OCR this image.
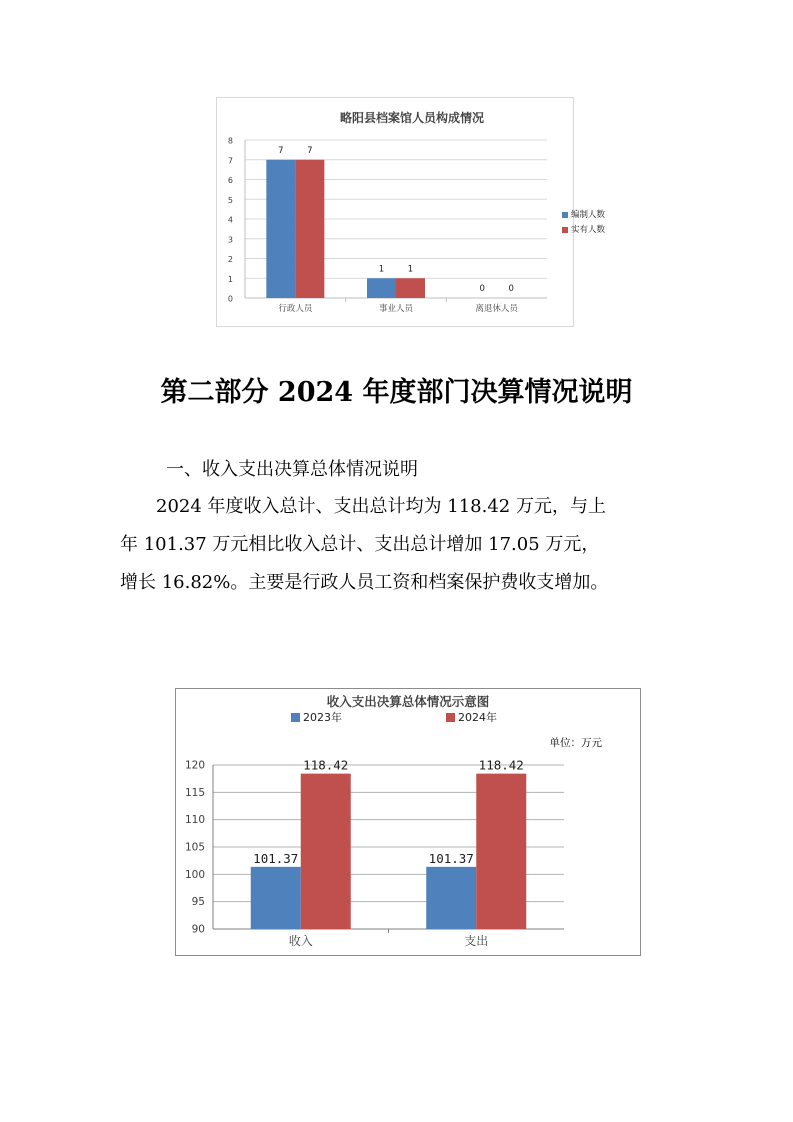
略阳县档案馆人员构成情况
0
1
2
3
4
5
6
7
8
行政人员
7	7
事业人员
1	1
离退休人员
0	0
编制人数
实有人数
第二部分 2024 年度部门决算情况说明
一、收入支出决算总体情况说明
2024 年度收入总计、支出总计均为 118.42 万元，与上
年 101.37 万元相比收入总计、支出总计增加 17.05 万元，
增长 16.82%。主要是行政人员工资和档案保护费收支增加。
收入支出决算总体情况示意图
90
95
100
105
110
115
120
收入
101.37
118.42
支出
101.37
118.42
2023年	2024年
单位：万元
